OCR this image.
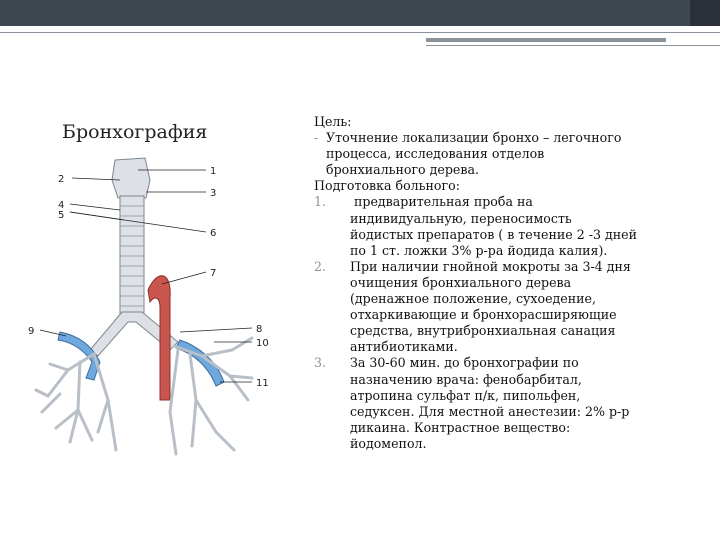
Бронхография
1
2
3
4
5
6
7
8
9
10
11

Цель:

- Уточнение локализации бронхо – легочного

процесса, исследования отделов

бронхиального дерева.

Подготовка больного:

1.	предварительная проба на

индивидуальную, переносимость

йодистых препаратов ( в течение 2 -3 дней

по 1 ст. ложки 3% р-ра йодида калия).

2.	При наличии гнойной мокроты за 3-4 дня

очищения бронхиального дерева

(дренажное положение, сухоедение,

отхаркивающие и бронхорасширяющие

средства, внутрибронхиальная санация

антибиотиками.

3.	За 30-60 мин. до бронхографии по

назначению врача: фенобарбитал,

атропина сульфат п/к, пипольфен,

седуксен. Для местной анестезии: 2% р-р

дикаина. Контрастное вещество:

йодомепол.
